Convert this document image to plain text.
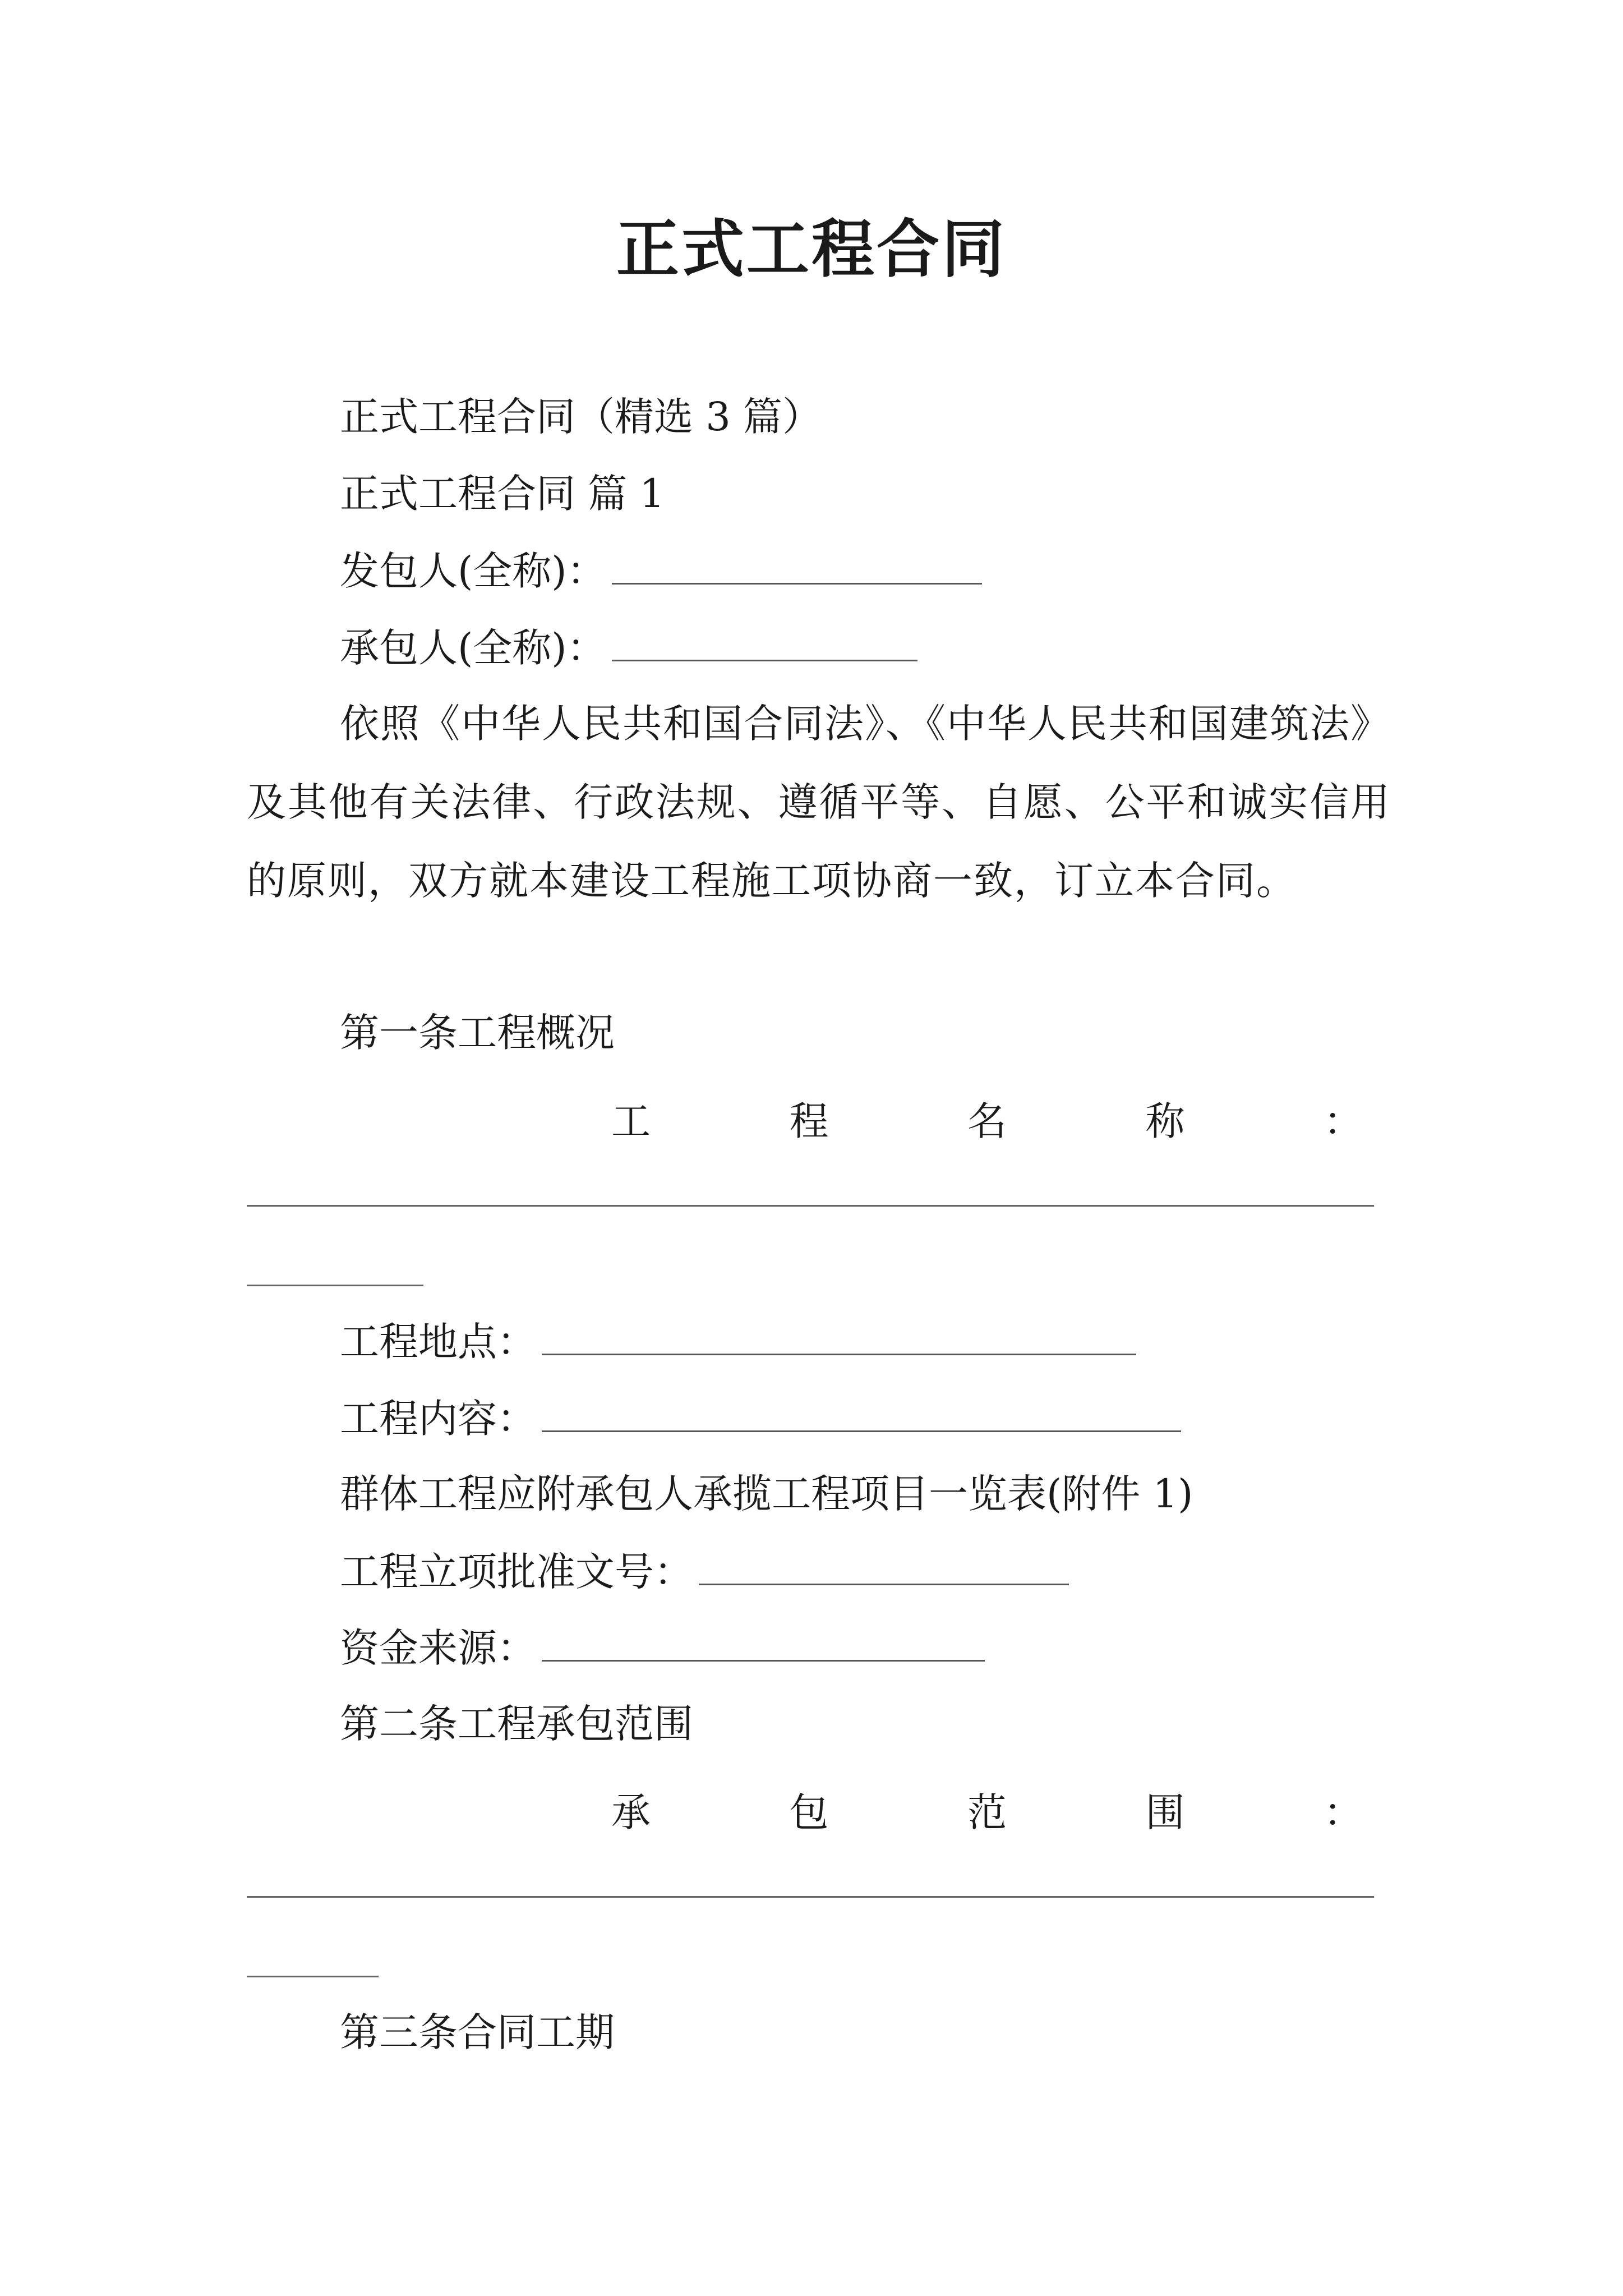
正式工程合同
正式工程合同（精选 3 篇）
正式工程合同 篇 1
发包人(全称)：
承包人(全称)：
依照《中华人民共和国合同法》、《中华人民共和国建筑法》及其他有关法律、行政法规、遵循平等、自愿、公平和诚实信用的原则，双方就本建设工程施工项协商一致，订立本合同。
第一条工程概况
工	程	名	称	：
工程地点：
工程内容：
群体工程应附承包人承揽工程项目一览表(附件 1)
工程立项批准文号：
资金来源：
第二条工程承包范围
承	包	范	围	：
第三条合同工期
